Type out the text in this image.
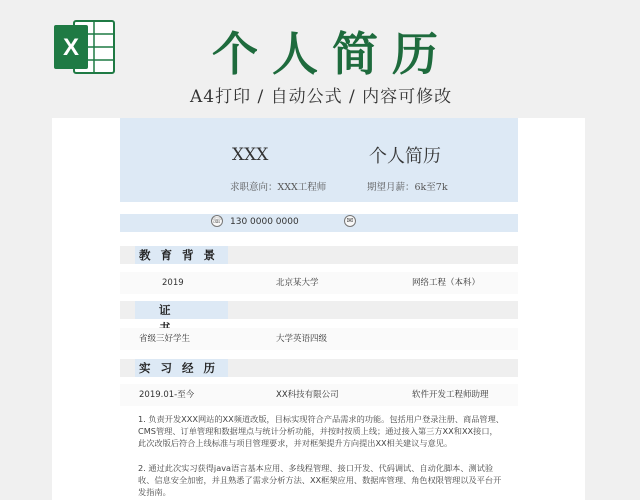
X	个人简历
A4打印 / 自动公式 / 内容可修改
XXX	个人简历
求职意向：XXX工程师	期望月薪：6k至7k
☏ 130 0000 0000	✉
教育背景
2019	北京某大学	网络工程（本科）
证
省级三好学生	大学英语四级
实习经历
2019.01-至今	XX科技有限公司	软件开发工程师助理
1. 负责开发XXX网站的XX频道改版，目标实现符合产品需求的功能。包括用户登录注册、商品管理、CMS管理、订单管理和数据埋点与统计分析功能，并按时按质上线；通过接入第三方XX和XX接口，此次改版后符合上线标准与项目管理要求，并对框架提升方向提出XX相关建议与意见。
2. 通过此次实习获得java语言基本应用、多线程管理、接口开发、代码调试、自动化脚本、测试验收、信息安全加密，并且熟悉了需求分析方法、XX框架应用、数据库管理、角色权限管理以及平台开发指南。
